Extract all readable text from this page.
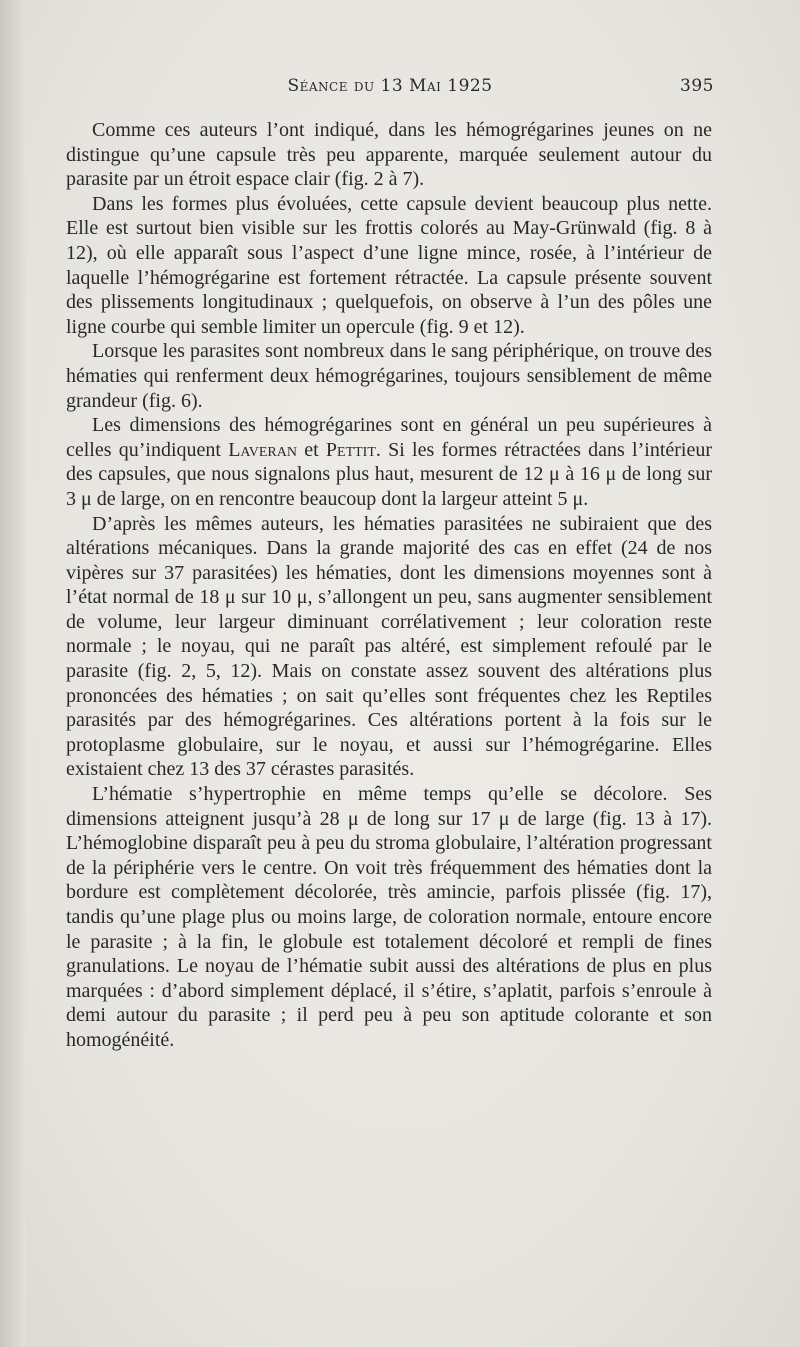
Séance du 13 Mai 1925	395

Comme ces auteurs l’ont indiqué, dans les hémogrégarines jeunes on ne distingue qu’une capsule très peu apparente, marquée seulement autour du parasite par un étroit espace clair (fig. 2 à 7).

Dans les formes plus évoluées, cette capsule devient beaucoup plus nette. Elle est surtout bien visible sur les frottis colorés au May-Grünwald (fig. 8 à 12), où elle apparaît sous l’aspect d’une ligne mince, rosée, à l’intérieur de laquelle l’hémogrégarine est fortement rétractée. La capsule présente souvent des plissements longitudinaux ; quelquefois, on observe à l’un des pôles une ligne courbe qui semble limiter un opercule (fig. 9 et 12).

Lorsque les parasites sont nombreux dans le sang périphérique, on trouve des hématies qui renferment deux hémogrégarines, toujours sensiblement de même grandeur (fig. 6).

Les dimensions des hémogrégarines sont en général un peu supérieures à celles qu’indiquent Laveran et Pettit. Si les formes rétractées dans l’intérieur des capsules, que nous signalons plus haut, mesurent de 12 μ à 16 μ de long sur 3 μ de large, on en rencontre beaucoup dont la largeur atteint 5 μ.

D’après les mêmes auteurs, les hématies parasitées ne subiraient que des altérations mécaniques. Dans la grande majorité des cas en effet (24 de nos vipères sur 37 parasitées) les hématies, dont les dimensions moyennes sont à l’état normal de 18 μ sur 10 μ, s’allongent un peu, sans augmenter sensiblement de volume, leur largeur diminuant corrélativement ; leur coloration reste normale ; le noyau, qui ne paraît pas altéré, est simplement refoulé par le parasite (fig. 2, 5, 12). Mais on constate assez souvent des altérations plus prononcées des hématies ; on sait qu’elles sont fréquentes chez les Reptiles parasités par des hémogrégarines. Ces altérations portent à la fois sur le protoplasme globulaire, sur le noyau, et aussi sur l’hémogrégarine. Elles existaient chez 13 des 37 cérastes parasités.

L’hématie s’hypertrophie en même temps qu’elle se décolore. Ses dimensions atteignent jusqu’à 28 μ de long sur 17 μ de large (fig. 13 à 17). L’hémoglobine disparaît peu à peu du stroma globulaire, l’altération progressant de la périphérie vers le centre. On voit très fréquemment des hématies dont la bordure est complètement décolorée, très amincie, parfois plissée (fig. 17), tandis qu’une plage plus ou moins large, de coloration normale, entoure encore le parasite ; à la fin, le globule est totalement décoloré et rempli de fines granulations. Le noyau de l’hématie subit aussi des altérations de plus en plus marquées : d’abord simplement déplacé, il s’étire, s’aplatit, parfois s’enroule à demi autour du parasite ; il perd peu à peu son aptitude colorante et son homogénéité.
